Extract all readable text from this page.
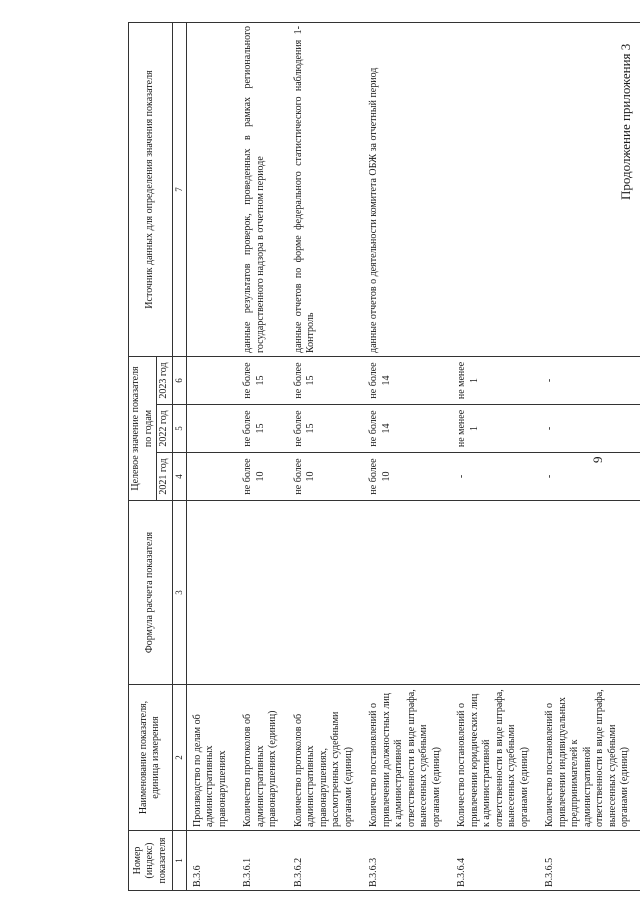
9
Продолжение приложения 3
Номер (индекс) показателя	Наименование показателя, единица измерения	Формула расчета показателя	Целевое значение показателя по годам			Источник данных для определения значения показателя
			2021 год	2022 год	2023 год	
1	2	3	4	5	6	7
В.3.6	Производство по делам об административных правонарушениях					
В.3.6.1	Количество протоколов об административных правонарушениях (единиц)		не более 10	не более 15	не более 15	данные результатов проверок, проведенных в рамках регионального государственного надзора в отчетном периоде
В.3.6.2	Количество протоколов об административных правонарушениях, рассмотренных судебными органами (единиц)		не более 10	не более 15	не более 15	данные отчетов по форме федерального статистического наблюдения 1-Контроль
В.3.6.3	Количество постановлений о привлечении должностных лиц к административной ответственности в виде штрафа, вынесенных судебными органами (единиц)		не более 10	не более 14	не более 14	данные отчетов о деятельности комитета ОБЖ за отчетный период
В.3.6.4	Количество постановлений о привлечении юридических лиц к административной ответственности в виде штрафа, вынесенных судебными органами (единиц)		-	не менее 1	не менее 1	
В.3.6.5	Количество постановлений о привлечении индивидуальных предпринимателей к административной ответственности в виде штрафа, вынесенных судебными органами (единиц)		-	-	-	
